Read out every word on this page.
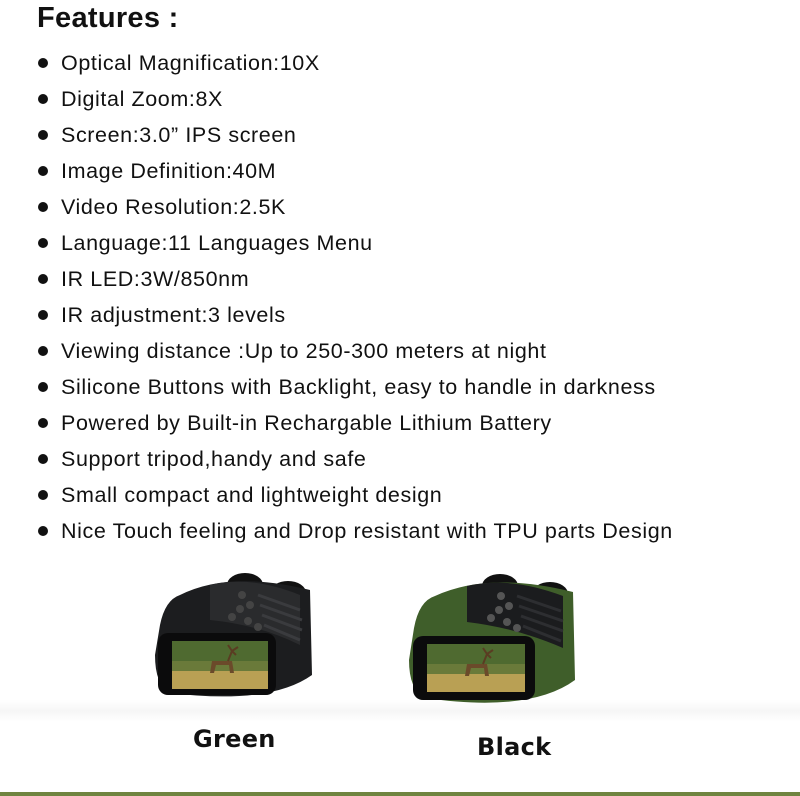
Features :
Optical Magnification:10X
Digital Zoom:8X
Screen:3.0” IPS screen
Image Definition:40M
Video Resolution:2.5K
Language:11 Languages Menu
IR LED:3W/850nm
IR adjustment:3 levels
Viewing distance :Up to 250-300 meters at night
Silicone Buttons with Backlight, easy to handle in darkness
Powered by Built-in Rechargable Lithium Battery
Support tripod,handy and safe
Small compact and lightweight design
Nice Touch feeling and Drop resistant with TPU parts Design
Green	Black
